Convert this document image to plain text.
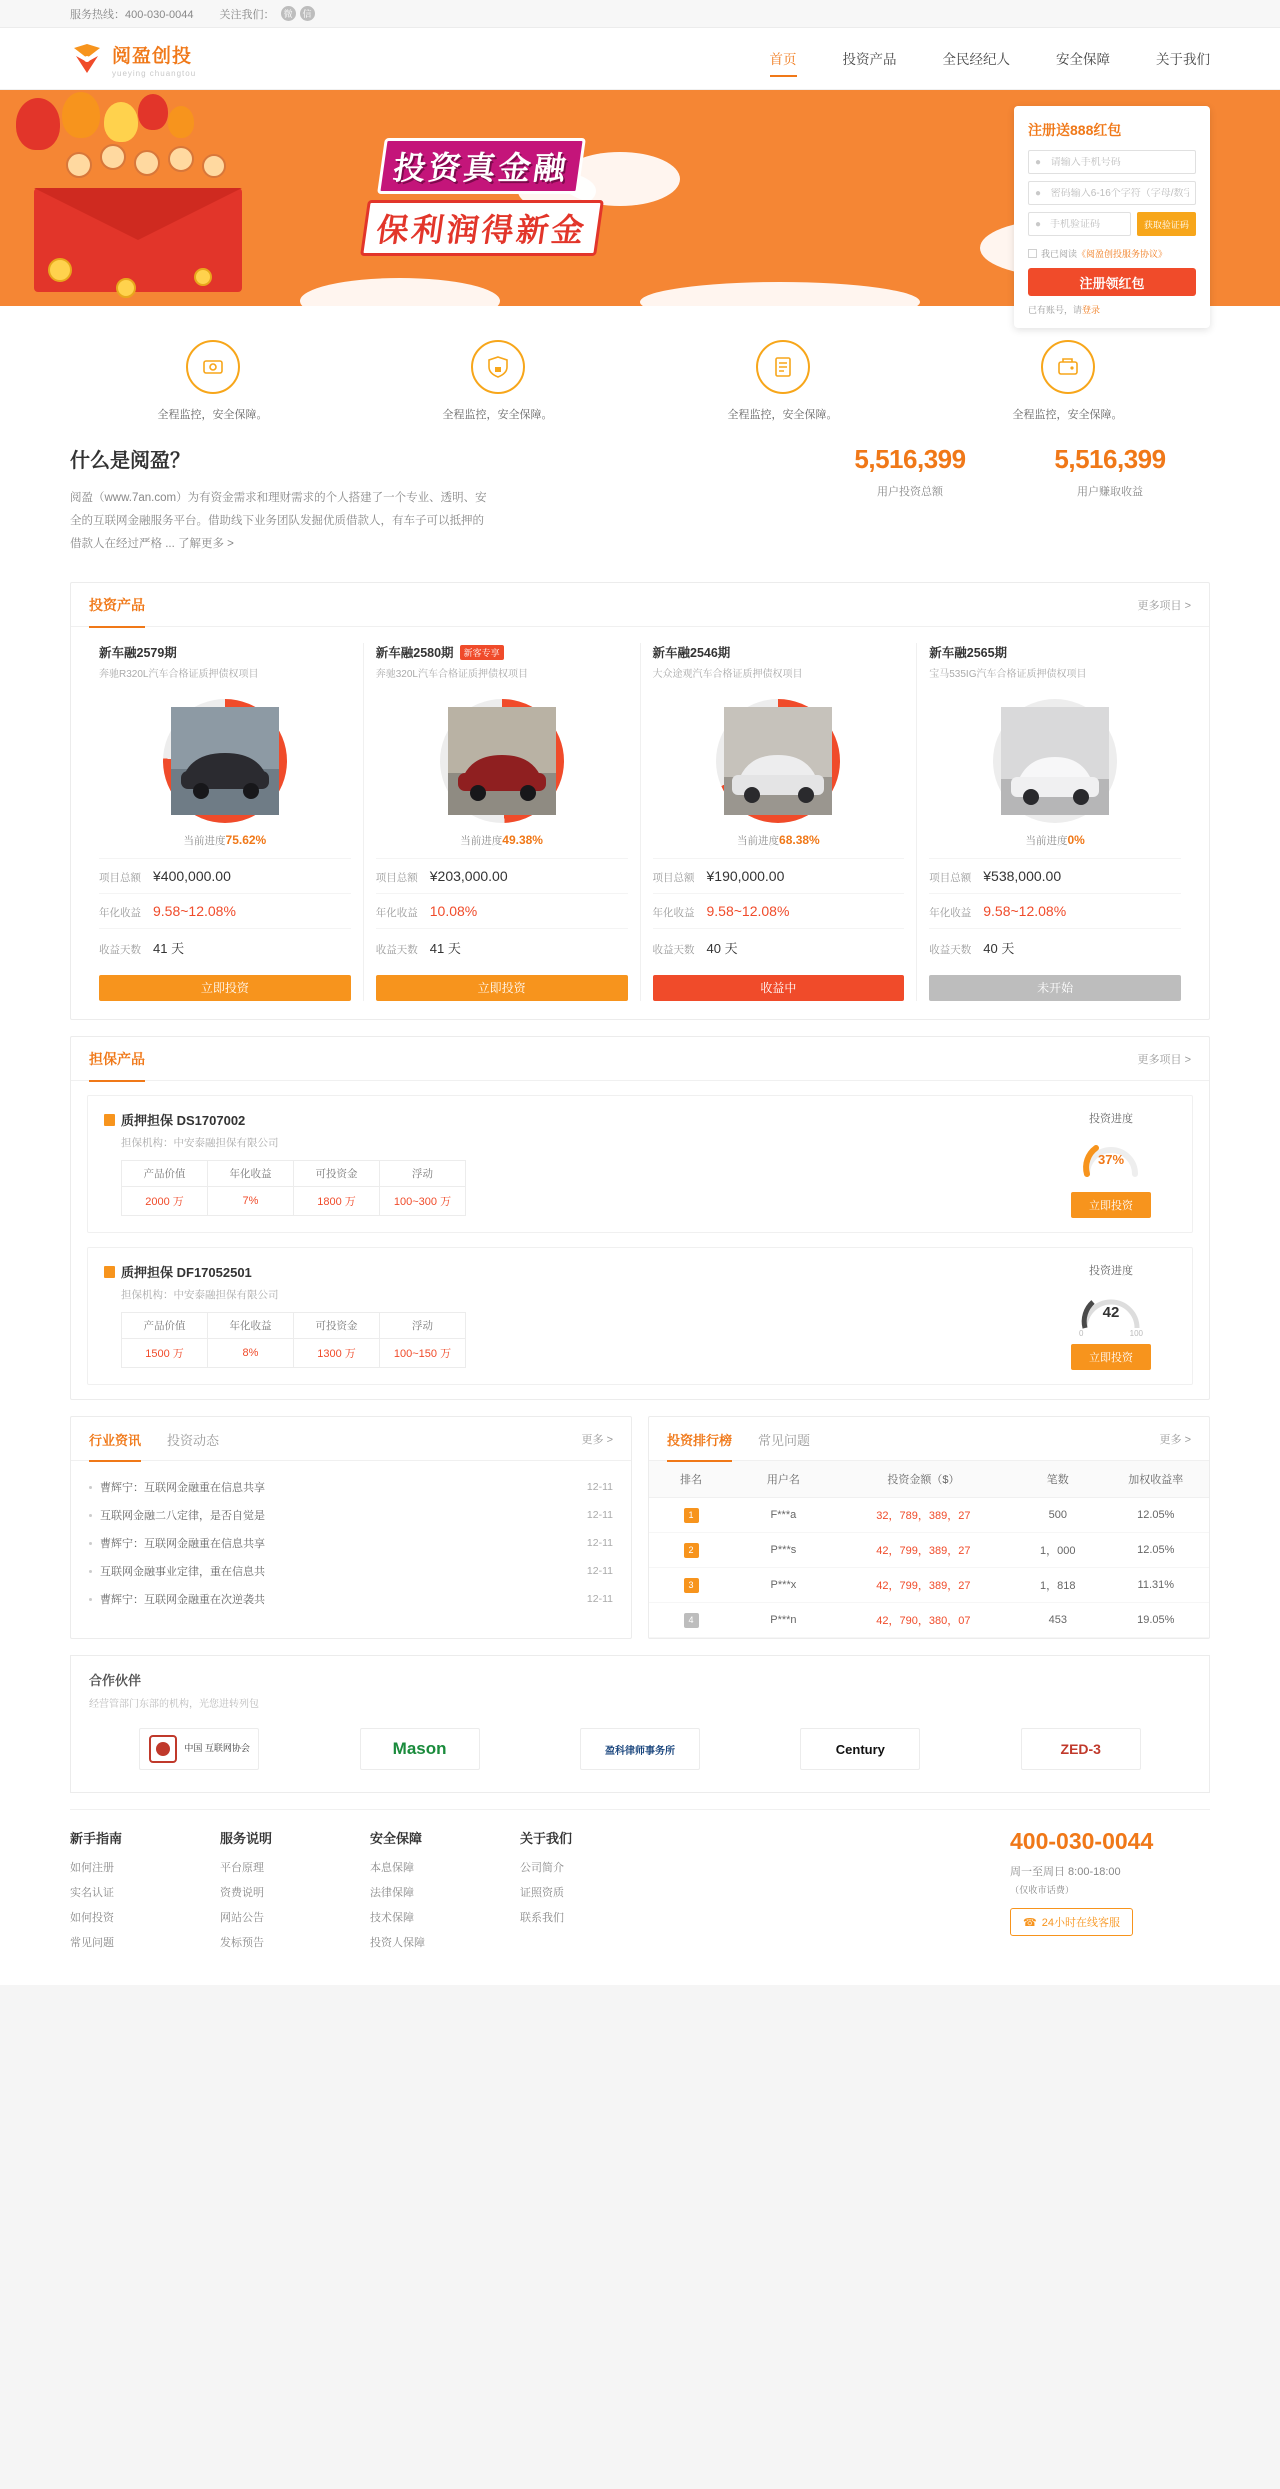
服务热线：400-030-0044 关注我们： 微	信
阅盈创投
yueying chuangtou
首页	投资产品	全民经纪人	安全保障	关于我们
投资真金融
保利润得新金
注册送888红包
●
请输入手机号码
●
密码输入6-16个字符（字母/数字）组合
●
手机验证码	获取验证码
我已阅读 《阅盈创投服务协议》
注册领红包
已有账号，请登录
全程监控，安全保障。	全程监控，安全保障。	全程监控，安全保障。	全程监控，安全保障。
什么是阅盈？

阅盈（www.7an.com）为有资金需求和理财需求的个人搭建了一个专业、透明、安全的互联网金融服务平台。借助线下业务团队发掘优质借款人，有车子可以抵押的借款人在经过严格 ... 了解更多 >

5,516,399
用户投资总额
5,516,399
用户赚取收益
投资产品	更多项目 >
新车融2579期
奔驰R320L汽车合格证质押债权项目
当前进度75.62%
项目总额 ¥400,000.00
年化收益 9.58~12.08%
收益天数 41 天
立即投资
新车融2580期	新客专享
奔驰320L汽车合格证质押债权项目
当前进度49.38%
项目总额 ¥203,000.00
年化收益 10.08%
收益天数 41 天
立即投资
新车融2546期
大众途观汽车合格证质押债权项目
当前进度68.38%
项目总额 ¥190,000.00
年化收益 9.58~12.08%
收益天数 40 天
收益中
新车融2565期
宝马535IG汽车合格证质押债权项目
当前进度0%
项目总额 ¥538,000.00
年化收益 9.58~12.08%
收益天数 40 天
未开始
担保产品	更多项目 >
质押担保 DS1707002
担保机构：中安泰融担保有限公司
产品价值	年化收益	可投资金	浮动
2000 万	7%	1800 万	100~300 万
投资进度
37%
立即投资
质押担保 DF17052501
担保机构：中安泰融担保有限公司
产品价值	年化收益	可投资金	浮动
1500 万	8%	1300 万	100~150 万
投资进度
42
0	100
立即投资
行业资讯 投资动态	更多 >
曹辉宁：互联网金融重在信息共享	12-11
互联网金融二八定律，是否自觉是	12-11
曹辉宁：互联网金融重在信息共享	12-11
互联网金融事业定律，重在信息共	12-11
曹辉宁：互联网金融重在次逆袭共	12-11
投资排行榜 常见问题	更多 >
排名	用户名	投资金额（$）	笔数	加权收益率
1	F***a	32，789，389，27	500	12.05%
2	P***s	42，799，389，27	1，000	12.05%
3	P***x	42，799，389，27	1，818	11.31%
4	P***n	42，790，380，07	453	19.05%
合作伙伴
经营管部门东部的机构，光您进转列包
中国 互联网协会	Mason	盈科律师事务所	Century	ZED-3
新手指南
如何注册
实名认证
如何投资
常见问题
服务说明
平台原理
资费说明
网站公告
发标预告
安全保障
本息保障
法律保障
技术保障
投资人保障
关于我们
公司简介
证照资质
联系我们
400-030-0044
周一至周日 8:00-18:00
（仅收市话费）
☎ 24小时在线客服
